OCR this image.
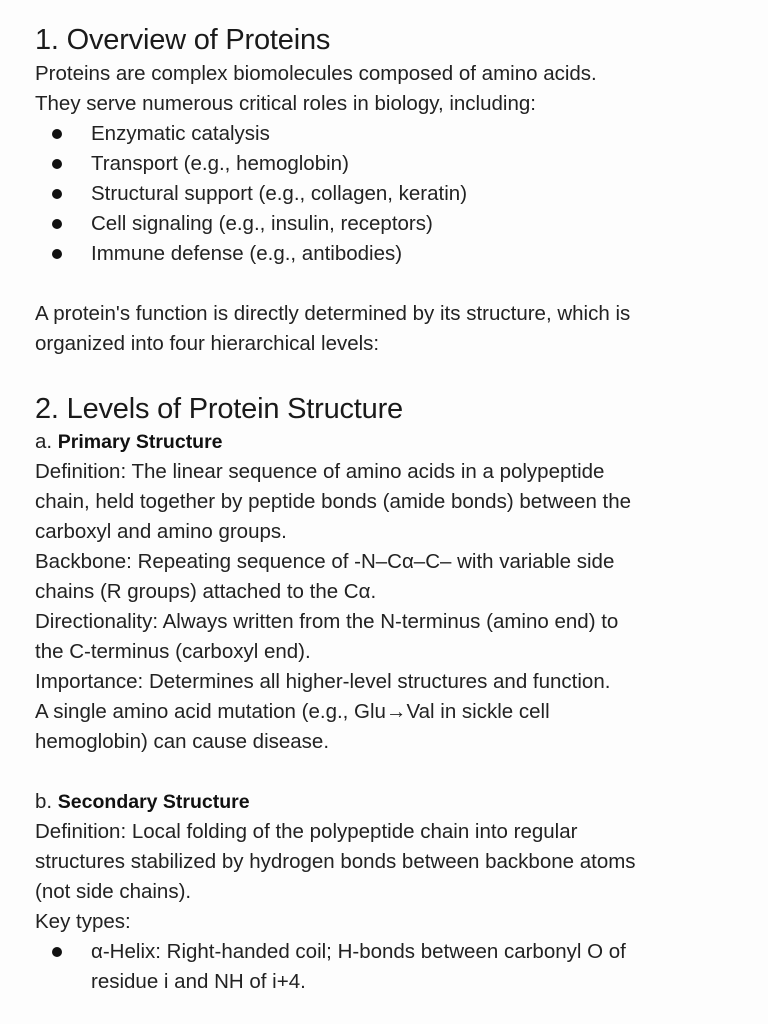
1. Overview of Proteins

Proteins are complex biomolecules composed of amino acids.

They serve numerous critical roles in biology, including:

Enzymatic catalysis
Transport (e.g., hemoglobin)
Structural support (e.g., collagen, keratin)
Cell signaling (e.g., insulin, receptors)
Immune defense (e.g., antibodies)

A protein's function is directly determined by its structure, which is

organized into four hierarchical levels:

2. Levels of Protein Structure

a. Primary Structure

Definition: The linear sequence of amino acids in a polypeptide

chain, held together by peptide bonds (amide bonds) between the

carboxyl and amino groups.

Backbone: Repeating sequence of -N–Cα–C– with variable side

chains (R groups) attached to the Cα.

Directionality: Always written from the N-terminus (amino end) to

the C-terminus (carboxyl end).

Importance: Determines all higher-level structures and function.

A single amino acid mutation (e.g., Glu→Val in sickle cell

hemoglobin) can cause disease.

b. Secondary Structure

Definition: Local folding of the polypeptide chain into regular

structures stabilized by hydrogen bonds between backbone atoms

(not side chains).

Key types:

α-Helix: Right-handed coil; H-bonds between carbonyl O of
residue i and NH of i+4.
